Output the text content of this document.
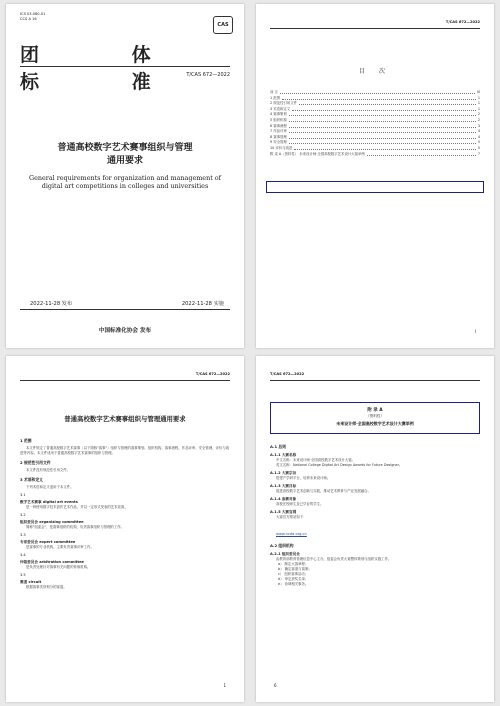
ICS 03.080.01
CCS A 16
CAS
团 体 标 准
T/CAS 672—2022
普通高校数字艺术赛事组织与管理
通用要求
General requirements for organization and management of digital art competitions in colleges and universities
2022-11-28 发布	2022-11-28 实施
中国标准化协会 发布
T/CAS 672—2022
目 次
前 言	III
1 范围	1
2 规范性引用文件	1
3 术语和定义	1
4 赛事策划	2
5 组织机构	2
6 赛事流程	3
7 作品评审	4
8 赛事管理	4
9 安全管理	5
10 评价与改进	5
附 录 A（资料性） 未来设计师·全国高校数字艺术设计大赛举例	7
I
T/CAS 672—2022
普通高校数字艺术赛事组织与管理通用要求
1 范围
本文件规定了普通高校数字艺术赛事（以下简称"赛事"）组织与管理的赛事策划、组织机构、赛事流程、作品评审、安全管理、评价与改进等内容。本文件适用于普通高校数字艺术赛事的组织与管理。
2 规范性引用文件
本文件没有规范性引用文件。
3 术语和定义
下列术语和定义适用于本文件。
3.1
数字艺术赛事 digital art events
是一种使用数字技术创作艺术作品，并以一定形式发表的艺术竞赛。
3.2
组织委员会 organizing committee
简称"组委会"，是赛事组织的机构，负责赛事组织与管理的工作。
3.3
专家委员会 expert committee
是赛事的专业机构，主要负责赛事评审工作。
3.4
仲裁委员会 arbitration committee
是负责处理针对赛事有关问题的仲裁机构。
3.5
赛道 circuit
根据赛事类别划分的赛道。
1
T/CAS 672—2022
附 录 A
（资料性）
未来设计师·全国高校数字艺术设计大赛举例
A.1 总则
A.1.1 大赛名称
中文名称：未来设计师·全国高校数字艺术设计大赛。
英文名称：National College Digital Art Design Awards for Future Designer。
A.1.2 大赛宗旨
搭建产学研平台，培养未来设计师。
A.1.3 大赛目标
促进高校数字艺术创新与实践，推动艺术教育与产业发展融合。
A.1.4 参赛对象
高校在校师生及已毕业的学生。
A.1.5 大赛官网
大赛官方网站如下：
www.ncda.org.cn
A.2 组织机构
A.2.1 组织委员会
由教育部教育管理信息中心主办，组委会负责大赛整体策划与组织实施工作。
a） 制定大赛章程；
b） 确定赛道与赛制；
c） 组织赛事活动；
d） 审定获奖名单；
e） 协调相关事务。
6
